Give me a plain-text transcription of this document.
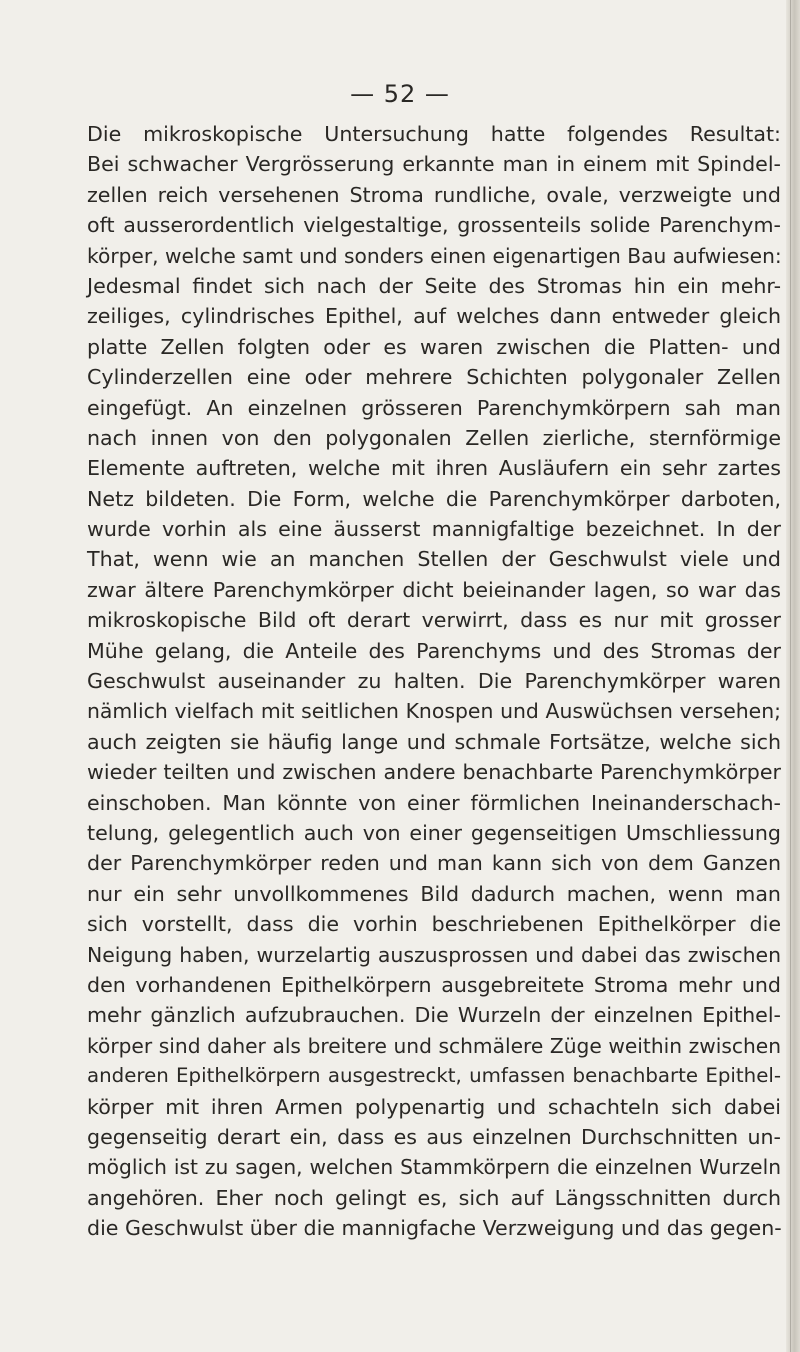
— 52 —
Die mikroskopische Untersuchung hatte folgendes Resultat:
Bei schwacher Vergrösserung erkannte man in einem mit Spindel-
zellen reich versehenen Stroma rundliche, ovale, verzweigte und
oft ausserordentlich vielgestaltige, grossenteils solide Parenchym-
körper, welche samt und sonders einen eigenartigen Bau aufwiesen:
Jedesmal findet sich nach der Seite des Stromas hin ein mehr-
zeiliges, cylindrisches Epithel, auf welches dann entweder gleich
platte Zellen folgten oder es waren zwischen die Platten- und
Cylinderzellen eine oder mehrere Schichten polygonaler Zellen
eingefügt. An einzelnen grösseren Parenchymkörpern sah man
nach innen von den polygonalen Zellen zierliche, sternförmige
Elemente auftreten, welche mit ihren Ausläufern ein sehr zartes
Netz bildeten. Die Form, welche die Parenchymkörper darboten,
wurde vorhin als eine äusserst mannigfaltige bezeichnet. In der
That, wenn wie an manchen Stellen der Geschwulst viele und
zwar ältere Parenchymkörper dicht beieinander lagen, so war das
mikroskopische Bild oft derart verwirrt, dass es nur mit grosser
Mühe gelang, die Anteile des Parenchyms und des Stromas der
Geschwulst auseinander zu halten. Die Parenchymkörper waren
nämlich vielfach mit seitlichen Knospen und Auswüchsen versehen;
auch zeigten sie häufig lange und schmale Fortsätze, welche sich
wieder teilten und zwischen andere benachbarte Parenchymkörper
einschoben. Man könnte von einer förmlichen Ineinanderschach-
telung, gelegentlich auch von einer gegenseitigen Umschliessung
der Parenchymkörper reden und man kann sich von dem Ganzen
nur ein sehr unvollkommenes Bild dadurch machen, wenn man
sich vorstellt, dass die vorhin beschriebenen Epithelkörper die
Neigung haben, wurzelartig auszusprossen und dabei das zwischen
den vorhandenen Epithelkörpern ausgebreitete Stroma mehr und
mehr gänzlich aufzubrauchen. Die Wurzeln der einzelnen Epithel-
körper sind daher als breitere und schmälere Züge weithin zwischen
anderen Epithelkörpern ausgestreckt, umfassen benachbarte Epithel-
körper mit ihren Armen polypenartig und schachteln sich dabei
gegenseitig derart ein, dass es aus einzelnen Durchschnitten un-
möglich ist zu sagen, welchen Stammkörpern die einzelnen Wurzeln
angehören. Eher noch gelingt es, sich auf Längsschnitten durch
die Geschwulst über die mannigfache Verzweigung und das gegen-
